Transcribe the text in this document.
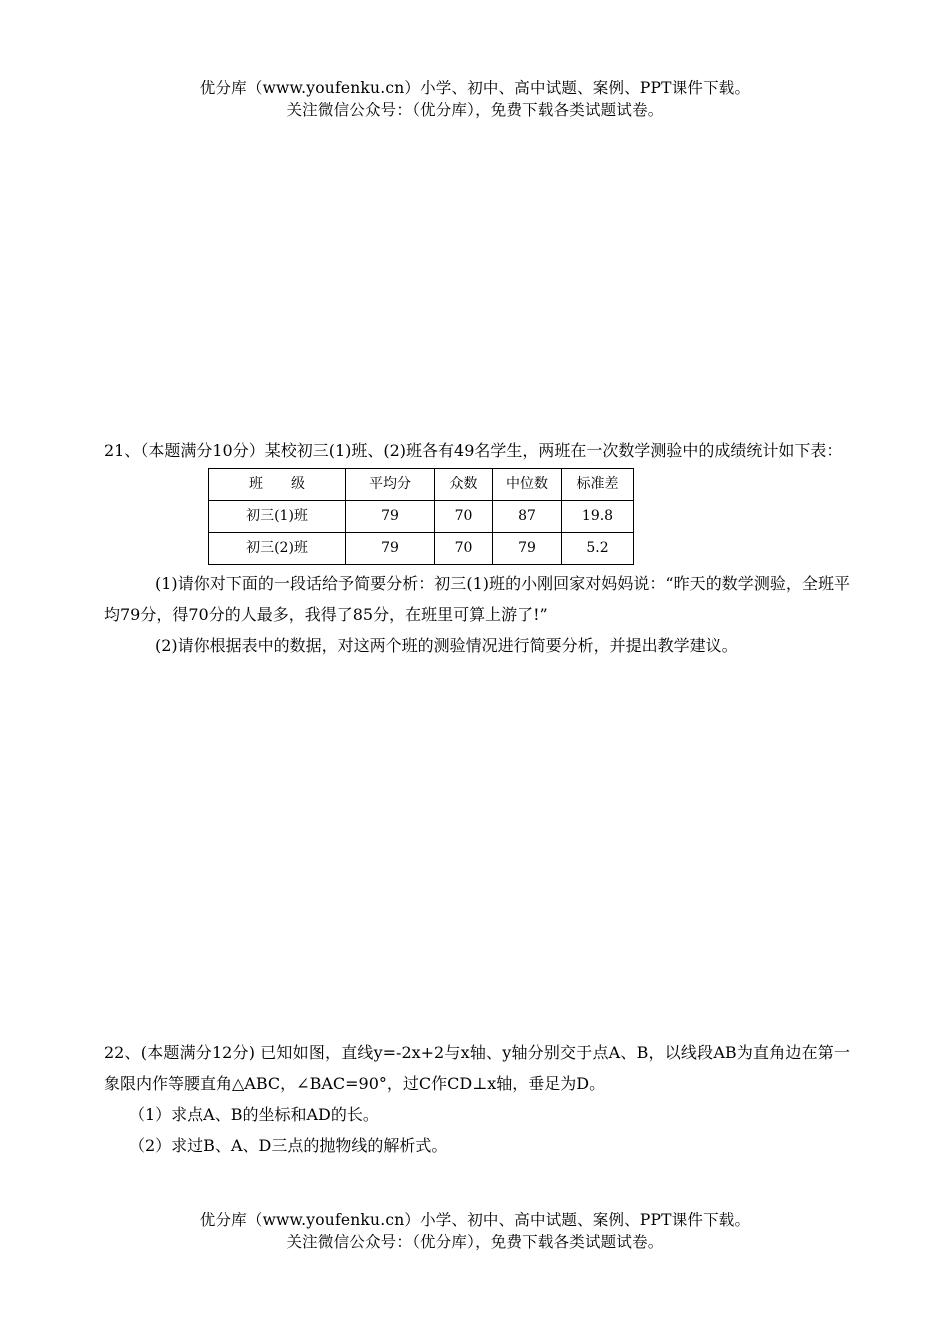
优分库（www.youfenku.cn）小学、初中、高中试题、案例、PPT课件下载。
关注微信公众号：（优分库），免费下载各类试题试卷。

21、（本题满分10分）某校初三(1)班、(2)班各有49名学生，两班在一次数学测验中的成绩统计如下表：

班　　级	平均分	众数	中位数	标准差
初三(1)班	79	70	87	19.8
初三(2)班	79	70	79	5.2

(1)请你对下面的一段话给予简要分析：初三(1)班的小刚回家对妈妈说：“昨天的数学测验，全班平均79分，得70分的人最多，我得了85分，在班里可算上游了!”

(2)请你根据表中的数据，对这两个班的测验情况进行简要分析，并提出教学建议。

22、(本题满分12分) 已知如图，直线y=-2x+2与x轴、y轴分别交于点A、B，以线段AB为直角边在第一象限内作等腰直角△ABC，∠BAC=90°，过C作CD⊥x轴，垂足为D。

（1）求点A、B的坐标和AD的长。

（2）求过B、A、D三点的抛物线的解析式。

优分库（www.youfenku.cn）小学、初中、高中试题、案例、PPT课件下载。
关注微信公众号：（优分库），免费下载各类试题试卷。
